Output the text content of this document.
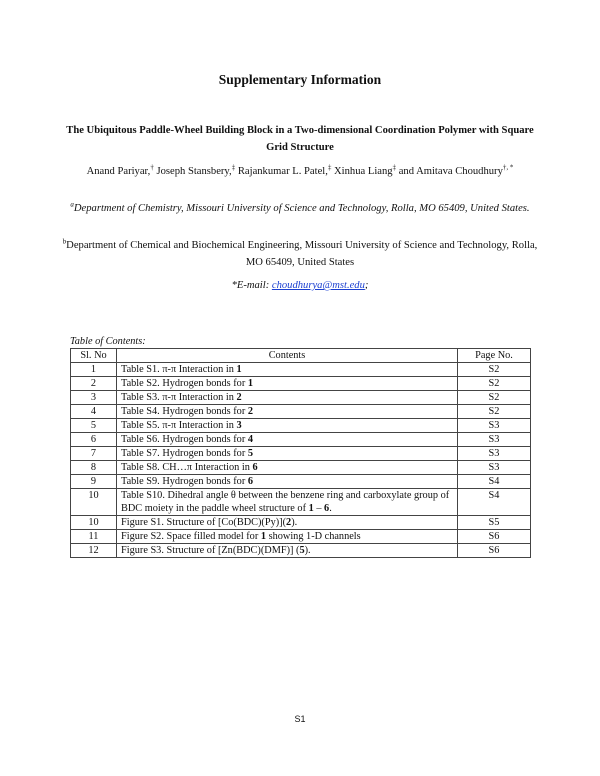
Supplementary Information
The Ubiquitous Paddle-Wheel Building Block in a Two-dimensional Coordination Polymer with Square Grid Structure
Anand Pariyar,† Joseph Stansbery,‡ Rajankumar L. Patel,‡ Xinhua Liang‡ and Amitava Choudhury†, *
$^a$Department of Chemistry, Missouri University of Science and Technology, Rolla, MO 65409, United States.
$^b$Department of Chemical and Biochemical Engineering, Missouri University of Science and Technology, Rolla, MO 65409, United States
*E-mail: choudhurya@mst.edu;
Table of Contents:
Sl. No	Contents	Page No.
1	Table S1. π-π Interaction in 1	S2
2	Table S2. Hydrogen bonds for 1	S2
3	Table S3. π-π Interaction in 2	S2
4	Table S4. Hydrogen bonds for 2	S2
5	Table S5. π-π Interaction in 3	S3
6	Table S6. Hydrogen bonds for 4	S3
7	Table S7. Hydrogen bonds for 5	S3
8	Table S8. CH…π Interaction in 6	S3
9	Table S9. Hydrogen bonds for 6	S4
10	Table S10. Dihedral angle θ between the benzene ring and carboxylate group of BDC moiety in the paddle wheel structure of 1 – 6.	S4
10	Figure S1. Structure of [Co(BDC)(Py)](2).	S5
11	Figure S2. Space filled model for 1 showing 1-D channels	S6
12	Figure S3. Structure of [Zn(BDC)(DMF)] (5).	S6
S1
